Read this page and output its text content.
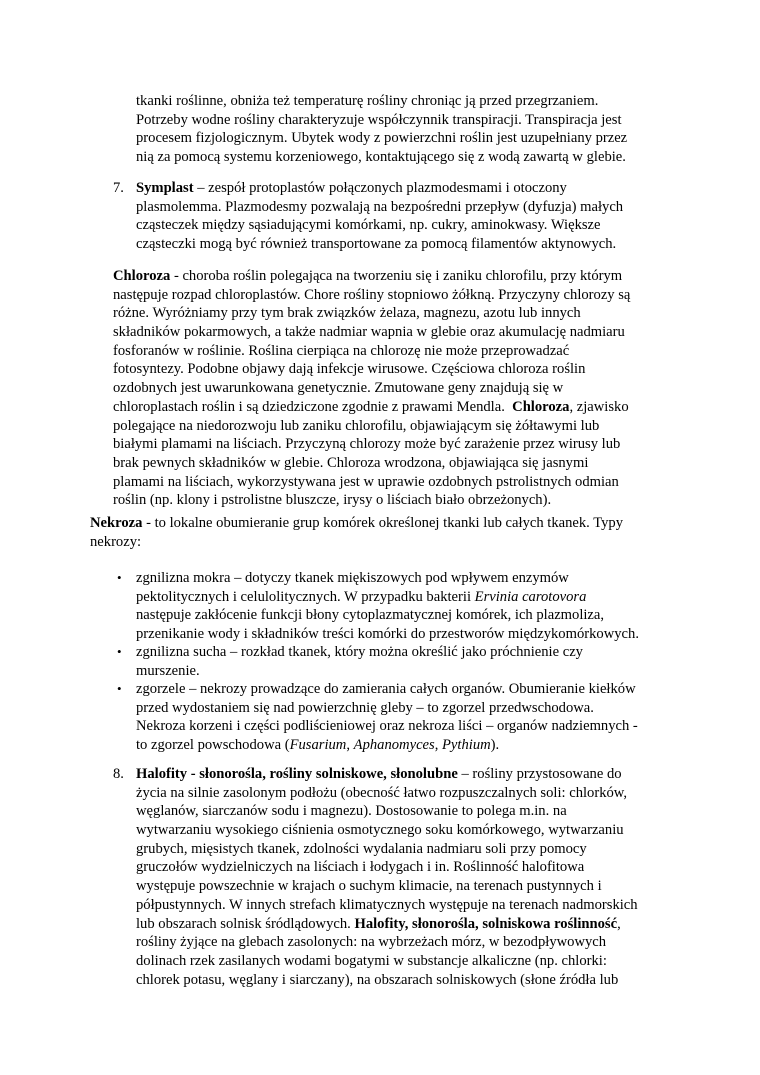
tkanki roślinne, obniża też temperaturę rośliny chroniąc ją przed przegrzaniem.
Potrzeby wodne rośliny charakteryzuje współczynnik transpiracji. Transpiracja jest
procesem fizjologicznym. Ubytek wody z powierzchni roślin jest uzupełniany przez
nią za pomocą systemu korzeniowego, kontaktującego się z wodą zawartą w glebie.
7. Symplast – zespół protoplastów połączonych plazmodesmami i otoczony
plasmolemma. Plazmodesmy pozwalają na bezpośredni przepływ (dyfuzja) małych
cząsteczek między sąsiadującymi komórkami, np. cukry, aminokwasy. Większe
cząsteczki mogą być również transportowane za pomocą filamentów aktynowych.
Chloroza - choroba roślin polegająca na tworzeniu się i zaniku chlorofilu, przy którym
następuje rozpad chloroplastów. Chore rośliny stopniowo żółkną. Przyczyny chlorozy są
różne. Wyróżniamy przy tym brak związków żelaza, magnezu, azotu lub innych
składników pokarmowych, a także nadmiar wapnia w glebie oraz akumulację nadmiaru
fosforanów w roślinie. Roślina cierpiąca na chlorozę nie może przeprowadzać
fotosyntezy. Podobne objawy dają infekcje wirusowe. Częściowa chloroza roślin
ozdobnych jest uwarunkowana genetycznie. Zmutowane geny znajdują się w
chloroplastach roślin i są dziedziczone zgodnie z prawami Mendla.  Chloroza, zjawisko
polegające na niedorozwoju lub zaniku chlorofilu, objawiającym się żółtawymi lub
białymi plamami na liściach. Przyczyną chlorozy może być zarażenie przez wirusy lub
brak pewnych składników w glebie. Chloroza wrodzona, objawiająca się jasnymi
plamami na liściach, wykorzystywana jest w uprawie ozdobnych pstrolistnych odmian
roślin (np. klony i pstrolistne bluszcze, irysy o liściach biało obrzeżonych).
Nekroza - to lokalne obumieranie grup komórek określonej tkanki lub całych tkanek. Typy
nekrozy:
• zgnilizna mokra – dotyczy tkanek miękiszowych pod wpływem enzymów
pektolitycznych i celulolitycznych. W przypadku bakterii Ervinia carotovora
następuje zakłócenie funkcji błony cytoplazmatycznej komórek, ich plazmoliza,
przenikanie wody i składników treści komórki do przestworów międzykomórkowych.
• zgnilizna sucha – rozkład tkanek, który można określić jako próchnienie czy
murszenie.
• zgorzele – nekrozy prowadzące do zamierania całych organów. Obumieranie kiełków
przed wydostaniem się nad powierzchnię gleby – to zgorzel przedwschodowa.
Nekroza korzeni i części podliścieniowej oraz nekroza liści – organów nadziemnych -
to zgorzel powschodowa (Fusarium, Aphanomyces, Pythium).
8. Halofity - słonorośla, rośliny solniskowe, słonolubne – rośliny przystosowane do
życia na silnie zasolonym podłożu (obecność łatwo rozpuszczalnych soli: chlorków,
węglanów, siarczanów sodu i magnezu). Dostosowanie to polega m.in. na
wytwarzaniu wysokiego ciśnienia osmotycznego soku komórkowego, wytwarzaniu
grubych, mięsistych tkanek, zdolności wydalania nadmiaru soli przy pomocy
gruczołów wydzielniczych na liściach i łodygach i in. Roślinność halofitowa
występuje powszechnie w krajach o suchym klimacie, na terenach pustynnych i
półpustynnych. W innych strefach klimatycznych występuje na terenach nadmorskich
lub obszarach solnisk śródlądowych. Halofity, słonorośla, solniskowa roślinność,
rośliny żyjące na glebach zasolonych: na wybrzeżach mórz, w bezodpływowych
dolinach rzek zasilanych wodami bogatymi w substancje alkaliczne (np. chlorki:
chlorek potasu, węglany i siarczany), na obszarach solniskowych (słone źródła lub
